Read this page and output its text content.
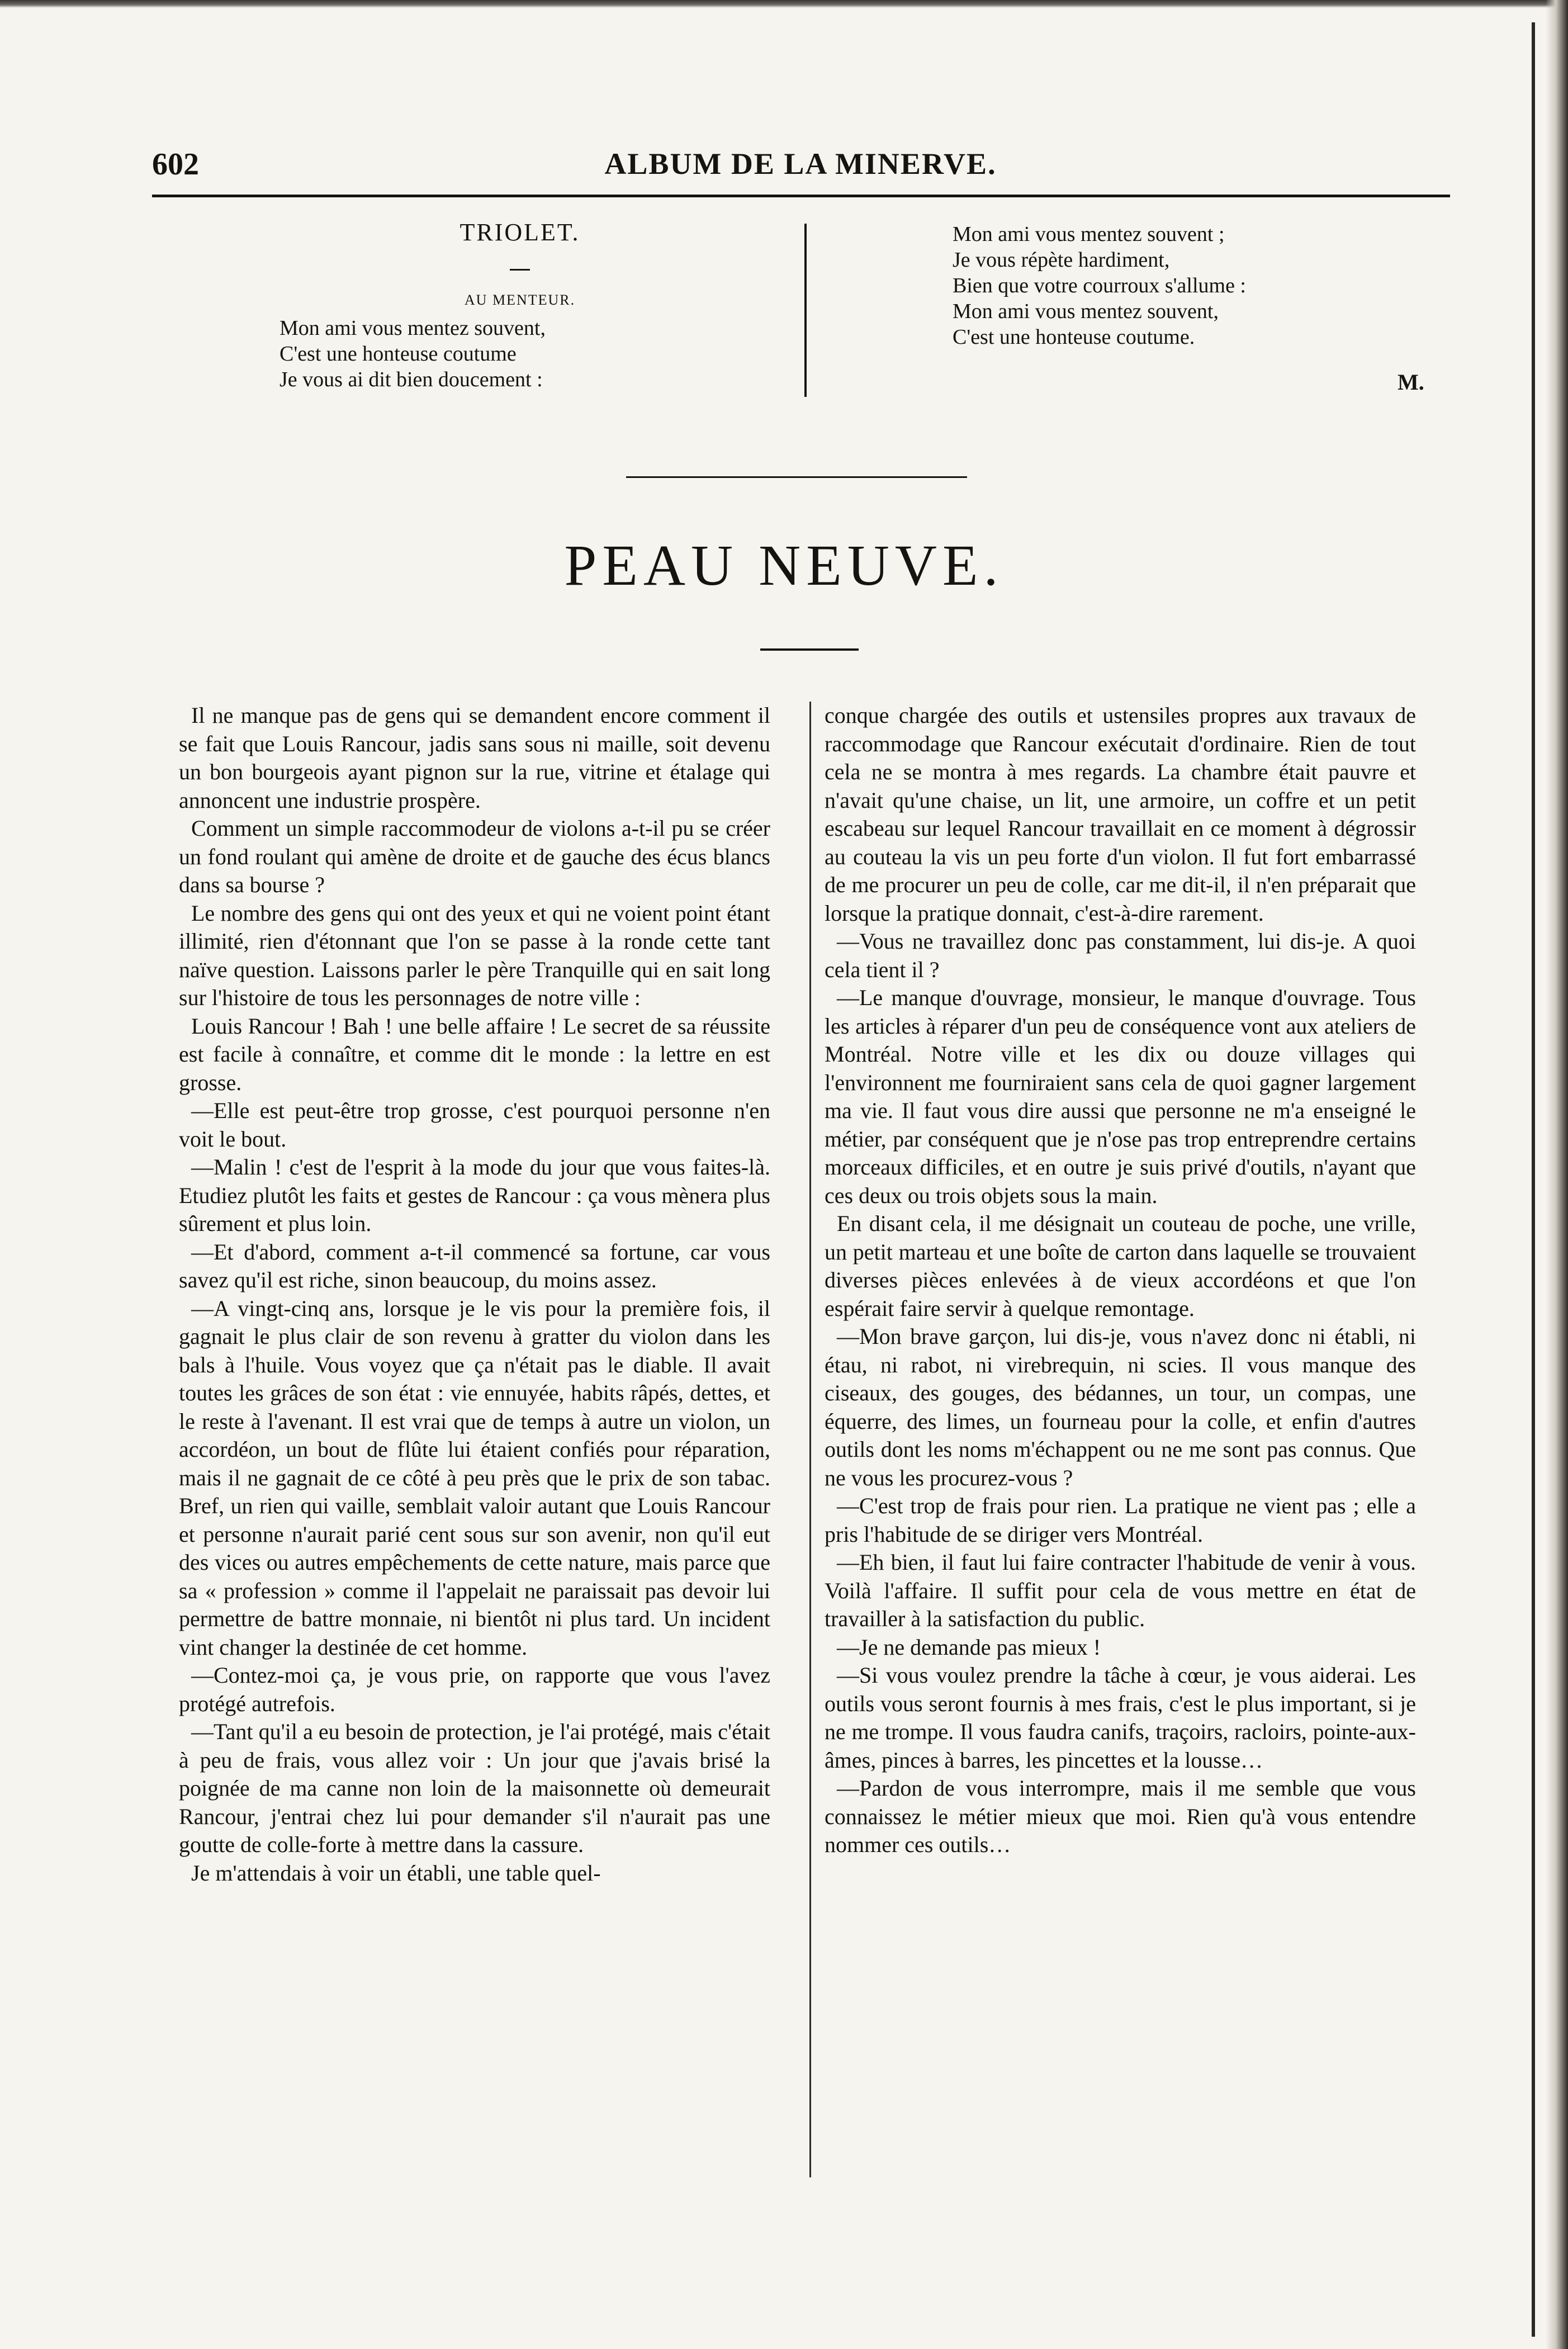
602	ALBUM DE LA MINERVE.
TRIOLET.
AU MENTEUR.
Mon ami vous mentez souvent,
C'est une honteuse coutume
Je vous ai dit bien doucement :
Mon ami vous mentez souvent ;
Je vous répète hardiment,
Bien que votre courroux s'allume :
Mon ami vous mentez souvent,
C'est une honteuse coutume.
M.
PEAU NEUVE.
Il ne manque pas de gens qui se demandent encore comment il se fait que Louis Rancour, jadis sans sous ni maille, soit devenu un bon bourgeois ayant pignon sur la rue, vitrine et étalage qui annoncent une industrie prospère.
Comment un simple raccommodeur de violons a-t-il pu se créer un fond roulant qui amène de droite et de gauche des écus blancs dans sa bourse ?
Le nombre des gens qui ont des yeux et qui ne voient point étant illimité, rien d'étonnant que l'on se passe à la ronde cette tant naïve question. Laissons parler le père Tranquille qui en sait long sur l'histoire de tous les personnages de notre ville :
Louis Rancour ! Bah ! une belle affaire ! Le secret de sa réussite est facile à connaître, et comme dit le monde : la lettre en est grosse.
—Elle est peut-être trop grosse, c'est pourquoi personne n'en voit le bout.
—Malin ! c'est de l'esprit à la mode du jour que vous faites-là. Etudiez plutôt les faits et gestes de Rancour : ça vous mènera plus sûrement et plus loin.
—Et d'abord, comment a-t-il commencé sa fortune, car vous savez qu'il est riche, sinon beaucoup, du moins assez.
—A vingt-cinq ans, lorsque je le vis pour la première fois, il gagnait le plus clair de son revenu à gratter du violon dans les bals à l'huile. Vous voyez que ça n'était pas le diable. Il avait toutes les grâces de son état : vie ennuyée, habits râpés, dettes, et le reste à l'avenant. Il est vrai que de temps à autre un violon, un accordéon, un bout de flûte lui étaient confiés pour réparation, mais il ne gagnait de ce côté à peu près que le prix de son tabac. Bref, un rien qui vaille, semblait valoir autant que Louis Rancour et personne n'aurait parié cent sous sur son avenir, non qu'il eut des vices ou autres empêchements de cette nature, mais parce que sa « profession » comme il l'appelait ne paraissait pas devoir lui permettre de battre monnaie, ni bientôt ni plus tard. Un incident vint changer la destinée de cet homme.
—Contez-moi ça, je vous prie, on rapporte que vous l'avez protégé autrefois.
—Tant qu'il a eu besoin de protection, je l'ai protégé, mais c'était à peu de frais, vous allez voir : Un jour que j'avais brisé la poignée de ma canne non loin de la maisonnette où demeurait Rancour, j'entrai chez lui pour demander s'il n'aurait pas une goutte de colle-forte à mettre dans la cassure.
Je m'attendais à voir un établi, une table quel-
conque chargée des outils et ustensiles propres aux travaux de raccommodage que Rancour exécutait d'ordinaire. Rien de tout cela ne se montra à mes regards. La chambre était pauvre et n'avait qu'une chaise, un lit, une armoire, un coffre et un petit escabeau sur lequel Rancour travaillait en ce moment à dégrossir au couteau la vis un peu forte d'un violon. Il fut fort embarrassé de me procurer un peu de colle, car me dit-il, il n'en préparait que lorsque la pratique donnait, c'est-à-dire rarement.
—Vous ne travaillez donc pas constamment, lui dis-je. A quoi cela tient il ?
—Le manque d'ouvrage, monsieur, le manque d'ouvrage. Tous les articles à réparer d'un peu de conséquence vont aux ateliers de Montréal. Notre ville et les dix ou douze villages qui l'environnent me fourniraient sans cela de quoi gagner largement ma vie. Il faut vous dire aussi que personne ne m'a enseigné le métier, par conséquent que je n'ose pas trop entreprendre certains morceaux difficiles, et en outre je suis privé d'outils, n'ayant que ces deux ou trois objets sous la main.
En disant cela, il me désignait un couteau de poche, une vrille, un petit marteau et une boîte de carton dans laquelle se trouvaient diverses pièces enlevées à de vieux accordéons et que l'on espérait faire servir à quelque remontage.
—Mon brave garçon, lui dis-je, vous n'avez donc ni établi, ni étau, ni rabot, ni virebrequin, ni scies. Il vous manque des ciseaux, des gouges, des bédannes, un tour, un compas, une équerre, des limes, un fourneau pour la colle, et enfin d'autres outils dont les noms m'échappent ou ne me sont pas connus. Que ne vous les procurez-vous ?
—C'est trop de frais pour rien. La pratique ne vient pas ; elle a pris l'habitude de se diriger vers Montréal.
—Eh bien, il faut lui faire contracter l'habitude de venir à vous. Voilà l'affaire. Il suffit pour cela de vous mettre en état de travailler à la satisfaction du public.
—Je ne demande pas mieux !
—Si vous voulez prendre la tâche à cœur, je vous aiderai. Les outils vous seront fournis à mes frais, c'est le plus important, si je ne me trompe. Il vous faudra canifs, traçoirs, racloirs, pointe-aux-âmes, pinces à barres, les pincettes et la lousse…
—Pardon de vous interrompre, mais il me semble que vous connaissez le métier mieux que moi. Rien qu'à vous entendre nommer ces outils…
